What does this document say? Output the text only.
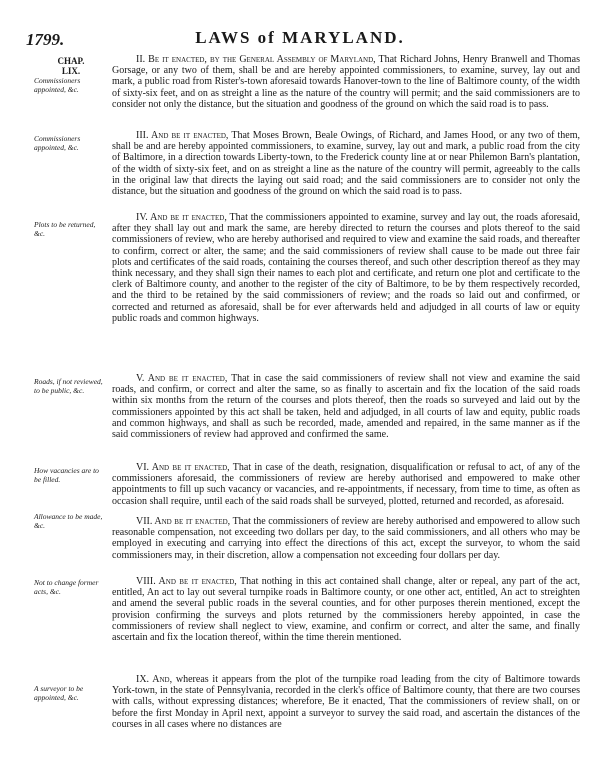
1799.	LAWS of MARYLAND.
CHAP.
LIX.
Commissioners appointed, &c.
Commissioners appointed, &c.
Plots to be returned, &c.
Roads, if not reviewed, to be public, &c.
How vacancies are to be filled.
Allowance to be made, &c.
Not to change former acts, &c.
A surveyor to be appointed, &c.
II. Be it enacted, by the General Assembly of Maryland, That Richard Johns, Henry Branwell and Thomas Gorsage, or any two of them, shall be and are hereby appointed commissioners, to examine, survey, lay out and mark, a public road from Rister's-town aforesaid towards Hanover-town to the line of Baltimore county, of the width of sixty-six feet, and on as streight a line as the nature of the country will permit; and the said commissioners are to consider not only the distance, but the situation and goodness of the ground on which the said road is to pass.
III. And be it enacted, That Moses Brown, Beale Owings, of Richard, and James Hood, or any two of them, shall be and are hereby appointed commissioners, to examine, survey, lay out and mark, a public road from the city of Baltimore, in a direction towards Liberty-town, to the Frederick county line at or near Philemon Barn's plantation, of the width of sixty-six feet, and on as streight a line as the nature of the country will permit, agreeably to the calls in the original law that directs the laying out said road; and the said commissioners are to consider not only the distance, but the situation and goodness of the ground on which the said road is to pass.
IV. And be it enacted, That the commissioners appointed to examine, survey and lay out, the roads aforesaid, after they shall lay out and mark the same, are hereby directed to return the courses and plots thereof to the said commissioners of review, who are hereby authorised and required to view and examine the said roads, and thereafter to confirm, correct or alter, the same; and the said commissioners of review shall cause to be made out three fair plots and certificates of the said roads, containing the courses thereof, and such other description thereof as they may think necessary, and they shall sign their names to each plot and certificate, and return one plot and certificate to the clerk of Baltimore county, and another to the register of the city of Baltimore, to be by them respectively recorded, and the third to be retained by the said commissioners of review; and the roads so laid out and confirmed, or corrected and returned as aforesaid, shall be for ever afterwards held and adjudged in all courts of law or equity public roads and common highways.
V. And be it enacted, That in case the said commissioners of review shall not view and examine the said roads, and confirm, or correct and alter the same, so as finally to ascertain and fix the location of the said roads within six months from the return of the courses and plots thereof, then the roads so surveyed and laid out by the commissioners appointed by this act shall be taken, held and adjudged, in all courts of law and equity, public roads and common highways, and shall as such be recorded, made, amended and repaired, in the same manner as if the said commissioners of review had approved and confirmed the same.
VI. And be it enacted, That in case of the death, resignation, disqualification or refusal to act, of any of the commissioners aforesaid, the commissioners of review are hereby authorised and empowered to make other appointments to fill up such vacancy or vacancies, and re-appointments, if necessary, from time to time, as often as occasion shall require, until each of the said roads shall be surveyed, plotted, returned and recorded, as aforesaid.
VII. And be it enacted, That the commissioners of review are hereby authorised and empowered to allow such reasonable compensation, not exceeding two dollars per day, to the said commissioners, and all others who may be employed in executing and carrying into effect the directions of this act, except the surveyor, to whom the said commissioners may, in their discretion, allow a compensation not exceeding four dollars per day.
VIII. And be it enacted, That nothing in this act contained shall change, alter or repeal, any part of the act, entitled, An act to lay out several turnpike roads in Baltimore county, or one other act, entitled, An act to streighten and amend the several public roads in the several counties, and for other purposes therein mentioned, except the provision confirming the surveys and plots returned by the commissioners hereby appointed, in case the commissioners of review shall neglect to view, examine, and confirm or correct, and alter the same, and finally ascertain and fix the location thereof, within the time therein mentioned.
IX. And, whereas it appears from the plot of the turnpike road leading from the city of Baltimore towards York-town, in the state of Pennsylvania, recorded in the clerk's office of Baltimore county, that there are two courses with calls, without expressing distances; wherefore, Be it enacted, That the commissioners of review shall, on or before the first Monday in April next, appoint a surveyor to survey the said road, and ascertain the distances of the courses in all cases where no distances are
